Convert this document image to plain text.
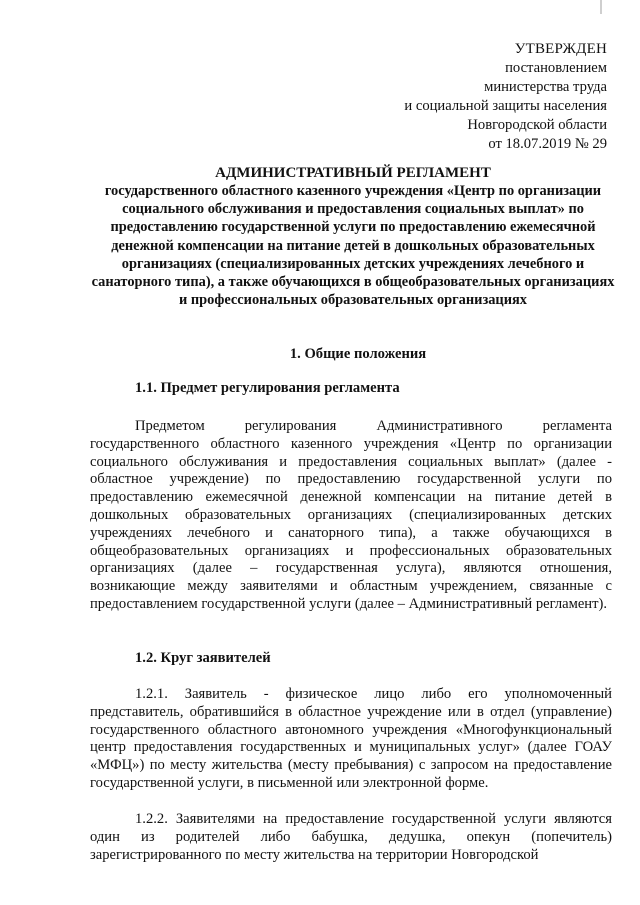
УТВЕРЖДЕН
постановлением
министерства труда
и социальной защиты населения
Новгородской области
от 18.07.2019 № 29
АДМИНИСТРАТИВНЫЙ РЕГЛАМЕНТ
государственного областного казенного учреждения «Центр по организации социального обслуживания и предоставления социальных выплат» по предоставлению государственной услуги по предоставлению ежемесячной денежной компенсации на питание детей в дошкольных образовательных организациях (специализированных детских учреждениях лечебного и санаторного типа), а также обучающихся в общеобразовательных организациях и профессиональных образовательных организациях
1. Общие положения
1.1. Предмет регулирования регламента
Предметом регулирования Административного регламента государственного областного казенного учреждения «Центр по организации социального обслуживания и предоставления социальных выплат» (далее - областное учреждение) по предоставлению государственной услуги по предоставлению ежемесячной денежной компенсации на питание детей в дошкольных образовательных организациях (специализированных детских учреждениях лечебного и санаторного типа), а также обучающихся в общеобразовательных организациях и профессиональных образовательных организациях (далее – государственная услуга), являются отношения, возникающие между заявителями и областным учреждением, связанные с предоставлением государственной услуги (далее – Административный регламент).
1.2. Круг заявителей
1.2.1. Заявитель - физическое лицо либо его уполномоченный представитель, обратившийся в областное учреждение или в отдел (управление) государственного областного автономного учреждения «Многофункциональный центр предоставления государственных и муниципальных услуг» (далее ГОАУ «МФЦ») по месту жительства (месту пребывания) с запросом на предоставление государственной услуги, в письменной или электронной форме.
1.2.2. Заявителями на предоставление государственной услуги являются один из родителей либо бабушка, дедушка, опекун (попечитель) зарегистрированного по месту жительства на территории Новгородской
